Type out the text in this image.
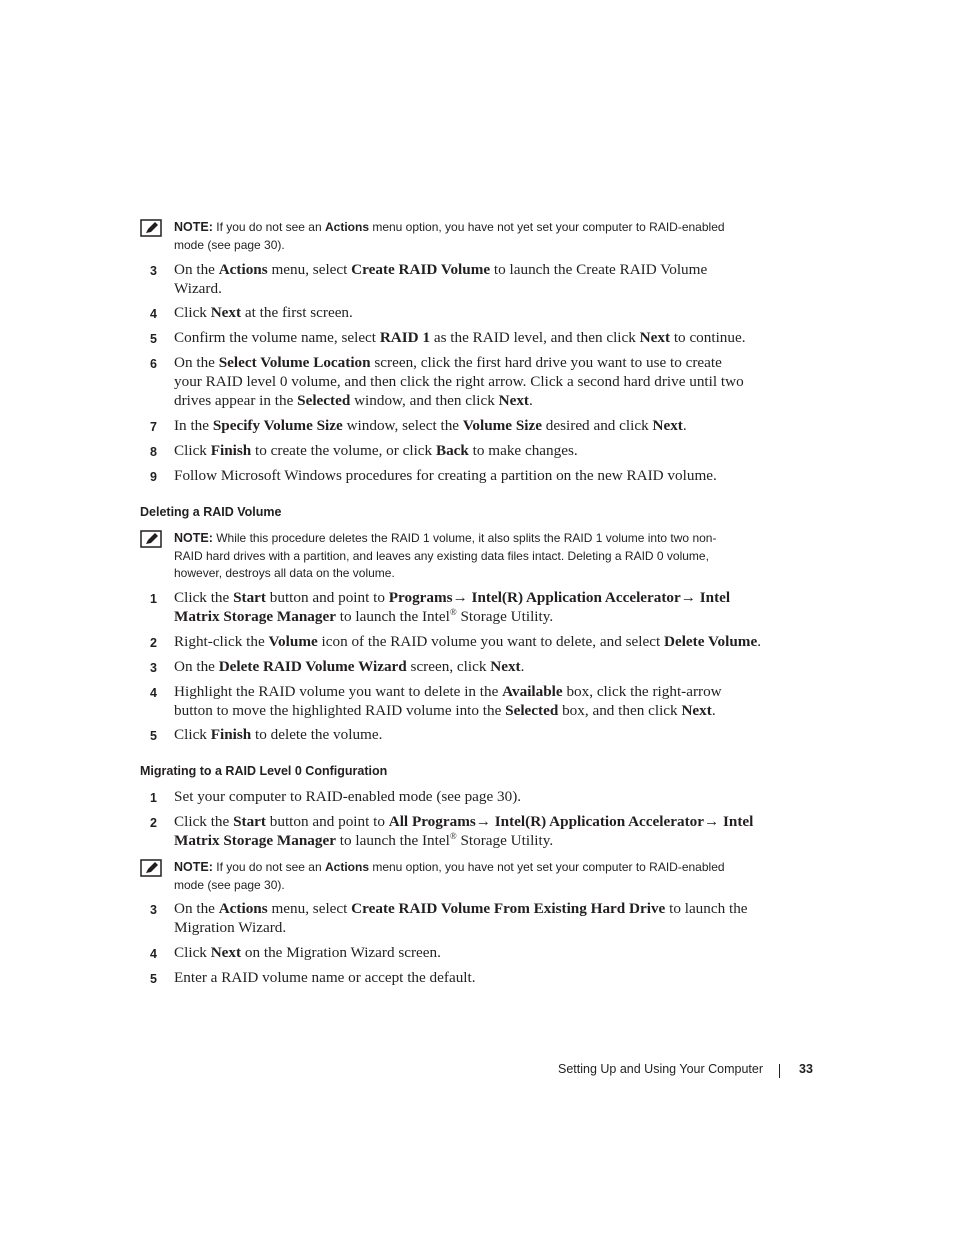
NOTE: If you do not see an Actions menu option, you have not yet set your computer to RAID-enabled
mode (see page 30).
3 On the Actions menu, select Create RAID Volume to launch the Create RAID Volume
Wizard.
4 Click Next at the first screen.
5 Confirm the volume name, select RAID 1 as the RAID level, and then click Next to continue.
6 On the Select Volume Location screen, click the first hard drive you want to use to create
your RAID level 0 volume, and then click the right arrow. Click a second hard drive until two
drives appear in the Selected window, and then click Next.
7 In the Specify Volume Size window, select the Volume Size desired and click Next.
8 Click Finish to create the volume, or click Back to make changes.
9 Follow Microsoft Windows procedures for creating a partition on the new RAID volume.
Deleting a RAID Volume
NOTE: While this procedure deletes the RAID 1 volume, it also splits the RAID 1 volume into two non-
RAID hard drives with a partition, and leaves any existing data files intact. Deleting a RAID 0 volume,
however, destroys all data on the volume.
1 Click the Start button and point to Programs→ Intel(R) Application Accelerator→ Intel
Matrix Storage Manager to launch the Intel® Storage Utility.
2 Right-click the Volume icon of the RAID volume you want to delete, and select Delete Volume.
3 On the Delete RAID Volume Wizard screen, click Next.
4 Highlight the RAID volume you want to delete in the Available box, click the right-arrow
button to move the highlighted RAID volume into the Selected box, and then click Next.
5 Click Finish to delete the volume.
Migrating to a RAID Level 0 Configuration
1 Set your computer to RAID-enabled mode (see page 30).
2 Click the Start button and point to All Programs→ Intel(R) Application Accelerator→ Intel
Matrix Storage Manager to launch the Intel® Storage Utility.
NOTE: If you do not see an Actions menu option, you have not yet set your computer to RAID-enabled
mode (see page 30).
3 On the Actions menu, select Create RAID Volume From Existing Hard Drive to launch the
Migration Wizard.
4 Click Next on the Migration Wizard screen.
5 Enter a RAID volume name or accept the default.
Setting Up and Using Your Computer	33
